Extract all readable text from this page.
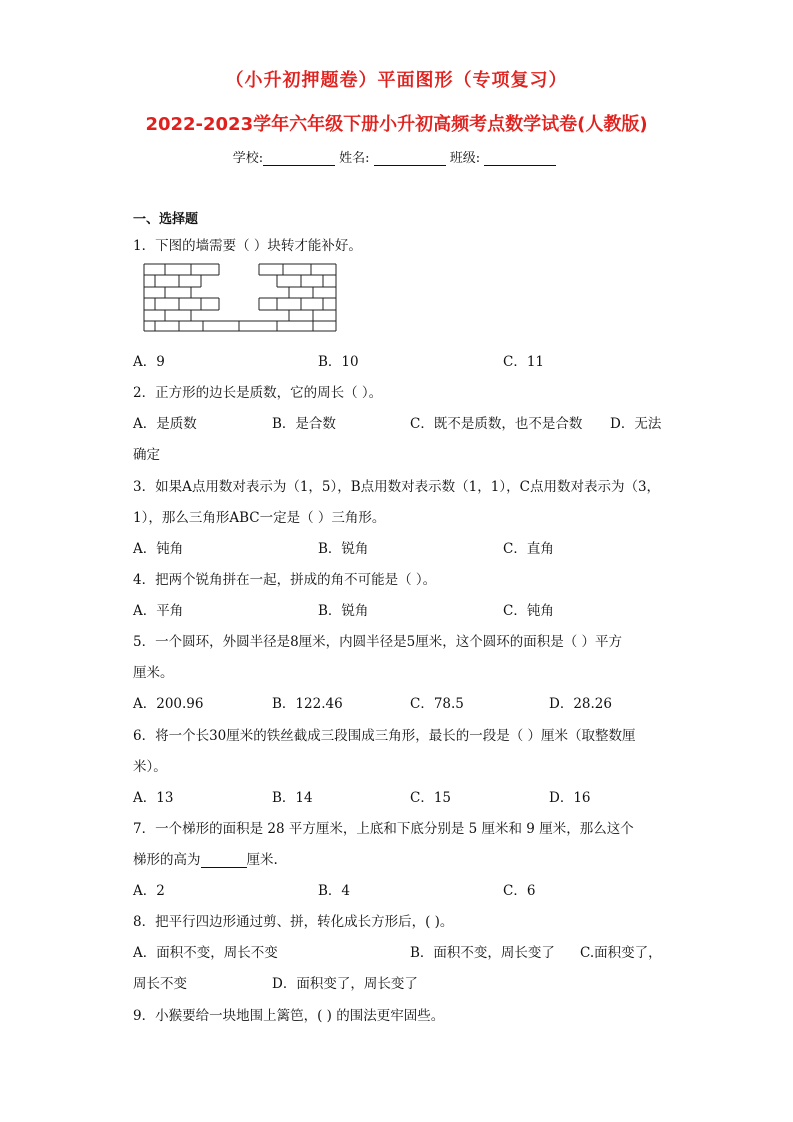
（小升初押题卷）平面图形（专项复习）
2022-2023学年六年级下册小升初高频考点数学试卷(人教版)
学校:	姓名:	班级:
一、选择题
1．下图的墙需要（ ）块转才能补好。
A．9	B．10	C．11
2．正方形的边长是质数，它的周长（ ）。
A．是质数	B．是合数	C．既不是质数，也不是合数 D．无法
确定
3．如果A点用数对表示为（1，5），B点用数对表示数（1，1），C点用数对表示为（3，
1），那么三角形ABC一定是（ ）三角形。
A．钝角	B．锐角	C．直角
4．把两个锐角拼在一起，拼成的角不可能是（ ）。
A．平角	B．锐角	C．钝角
5．一个圆环，外圆半径是8厘米，内圆半径是5厘米，这个圆环的面积是（ ）平方
厘米。
A．200.96	B．122.46	C．78.5	D．28.26
6．将一个长30厘米的铁丝截成三段围成三角形，最长的一段是（ ）厘米（取整数厘
米）。
A．13	B．14	C．15	D．16
7．一个梯形的面积是 28 平方厘米，上底和下底分别是 5 厘米和 9 厘米，那么这个
梯形的高为	厘米.
A．2	B．4	C．6
8．把平行四边形通过剪、拼，转化成长方形后，( )。
A．面积不变，周长不变	B．面积不变，周长变了 C.面积变了，
周长不变	D．面积变了，周长变了
9．小猴要给一块地围上篱笆，( ) 的围法更牢固些。
